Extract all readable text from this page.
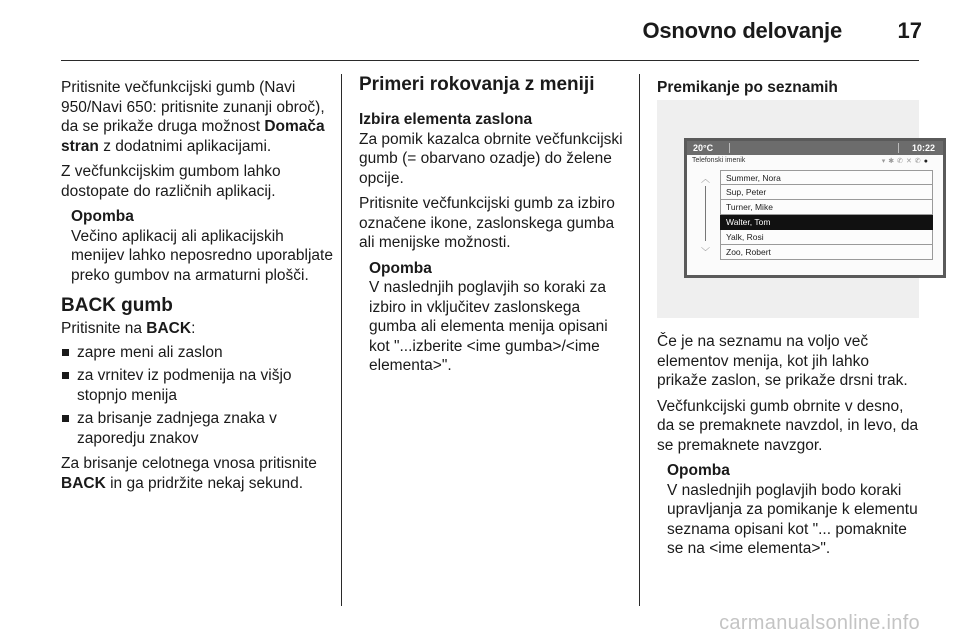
Osnovno delovanje	17

Pritisnite večfunkcijski gumb (Navi 950/Navi 650: pritisnite zunanji obroč), da se prikaže druga možnost Domača stran z dodatnimi aplikacijami.

Z večfunkcijskim gumbom lahko dostopate do različnih aplikacij.

Opomba
Večino aplikacij ali aplikacijskih menijev lahko neposredno uporabljate preko gumbov na armaturni plošči.
BACK gumb

Pritisnite na BACK:

zapre meni ali zaslon
za vrnitev iz podmenija na višjo stopnjo menija
za brisanje zadnjega znaka v zaporedju znakov

Za brisanje celotnega vnosa pritisnite BACK in ga pridržite nekaj sekund.

Primeri rokovanja z meniji
Izbira elementa zaslona

Za pomik kazalca obrnite večfunkcijski gumb (= obarvano ozadje) do želene opcije.

Pritisnite večfunkcijski gumb za izbiro označene ikone, zaslonskega gumba ali menijske možnosti.

Opomba
V naslednjih poglavjih so koraki za izbiro in vključitev zaslonskega gumba ali elementa menija opisani kot "...izberite <ime gumba>/<ime elementa>".
Premikanje po seznamih
20°C	10:22
Telefonski imenik	▾✱✆✕✆●
︿
﹀
Summer, Nora
Sup, Peter
Turner, Mike
Walter, Tom
Yalk, Rosi
Zoo, Robert

Če je na seznamu na voljo več elementov menija, kot jih lahko prikaže zaslon, se prikaže drsni trak.

Večfunkcijski gumb obrnite v desno, da se premaknete navzdol, in levo, da se premaknete navzgor.

Opomba
V naslednjih poglavjih bodo koraki upravljanja za pomikanje k elementu seznama opisani kot "... pomaknite se na <ime elementa>".
carmanualsonline.info
